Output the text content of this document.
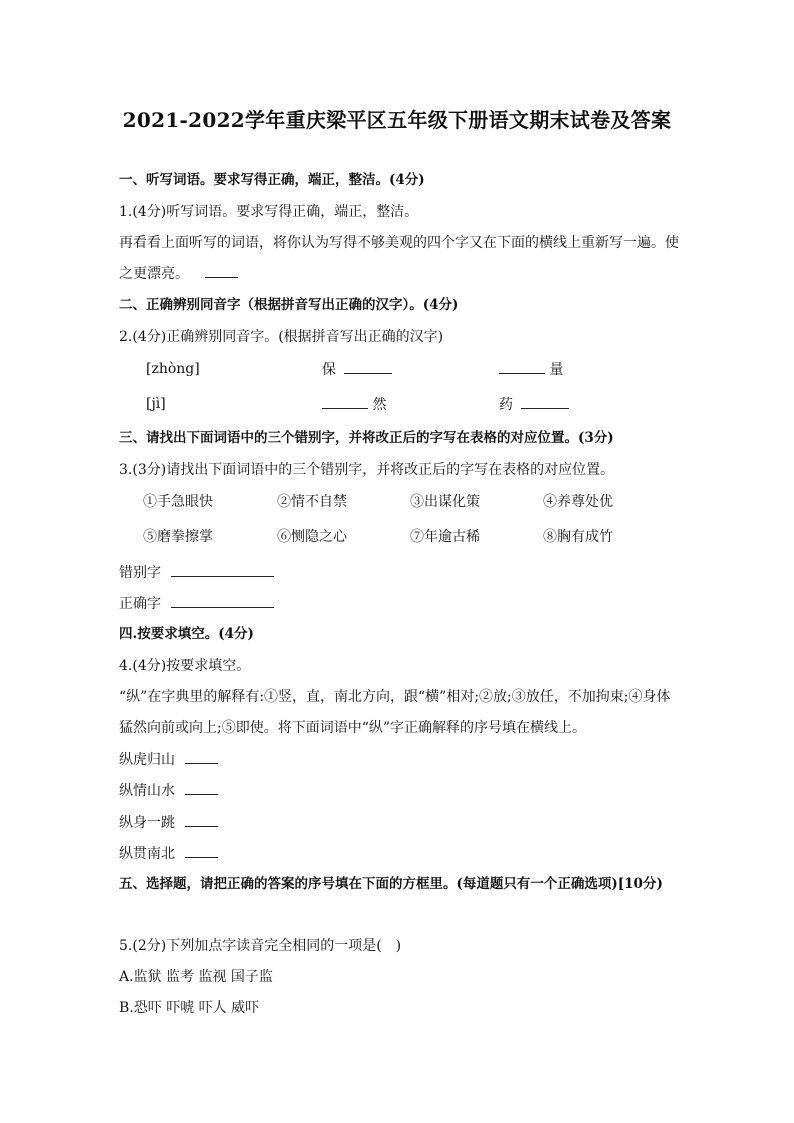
2021-2022学年重庆梁平区五年级下册语文期末试卷及答案
一、听写词语。要求写得正确，端正，整洁。(4分)
1.(4分)听写词语。要求写得正确，端正，整洁。
再看看上面听写的词语，将你认为写得不够美观的四个字又在下面的横线上重新写一遍。使之更漂亮。
二、正确辨别同音字（根据拼音写出正确的汉字）。(4分)
2.(4分)正确辨别同音字。(根据拼音写出正确的汉字)
[zhòng]	保	量
[jì]	然	药
三、请找出下面词语中的三个错别字，并将改正后的字写在表格的对应位置。(3分)
3.(3分)请找出下面词语中的三个错别字，并将改正后的字写在表格的对应位置。
①手急眼快	②情不自禁	③出谋化策	④养尊处优
⑤磨拳擦掌	⑥恻隐之心	⑦年逾古稀	⑧胸有成竹
错别字
正确字
四.按要求填空。(4分)
4.(4分)按要求填空。
“纵”在字典里的解释有:①竖，直，南北方向，跟“横”相对;②放;③放任，不加拘束;④身体猛然向前或向上;⑤即使。将下面词语中“纵”字正确解释的序号填在横线上。
纵虎归山
纵情山水
纵身一跳
纵贯南北
五、选择题，请把正确的答案的序号填在下面的方框里。(每道题只有一个正确选项)[10分)
5.(2分)下列加点字读音完全相同的一项是(　)
A.监狱 监考 监视 国子监
B.恐吓 吓唬 吓人 威吓
